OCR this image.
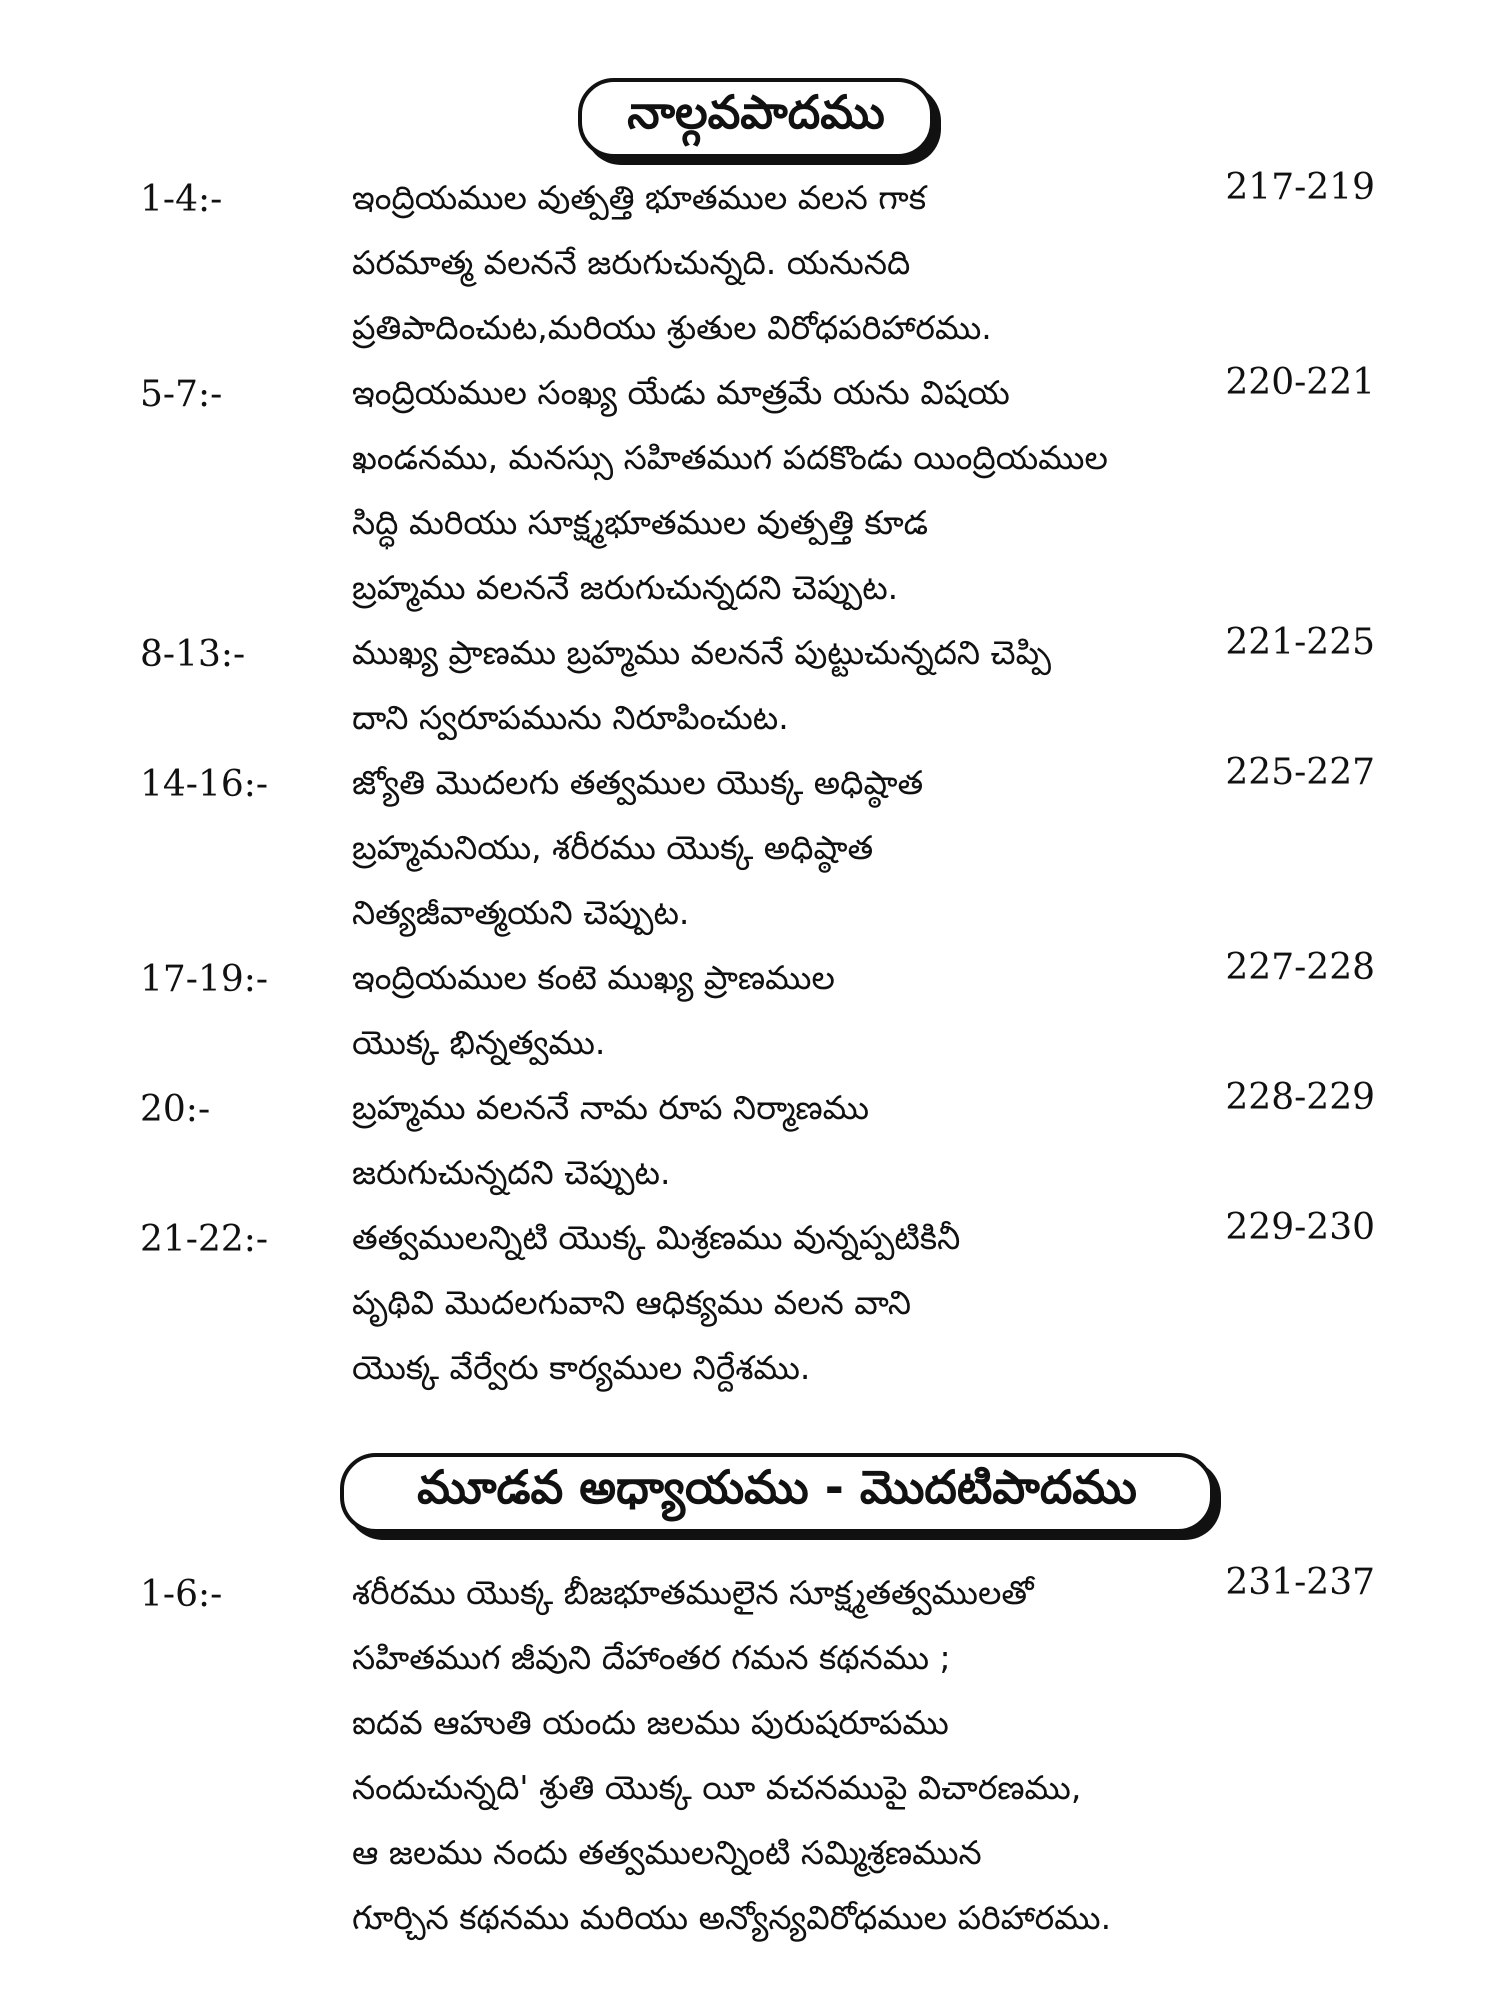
నాల్గవపాదము
1-4:-	ఇంద్రియముల వుత్పత్తి భూతముల వలన గాక
పరమాత్మ వలననే జరుగుచున్నది. యనునది
ప్రతిపాదించుట,మరియు శ్రుతుల విరోధపరిహారము.
217-219
5-7:-	ఇంద్రియముల సంఖ్య యేడు మాత్రమే యను విషయ
ఖండనము, మనస్సు సహితముగ పదకొండు యింద్రియముల
సిద్ధి మరియు సూక్ష్మభూతముల వుత్పత్తి కూడ
బ్రహ్మము వలననే జరుగుచున్నదని చెప్పుట.
220-221
8-13:-	ముఖ్య ప్రాణము బ్రహ్మము వలననే పుట్టుచున్నదని చెప్పి
దాని స్వరూపమును నిరూపించుట.
221-225
14-16:-	జ్యోతి మొదలగు తత్వముల యొక్క అధిష్ఠాత
బ్రహ్మమనియు, శరీరము యొక్క అధిష్ఠాత
నిత్యజీవాత్మయని చెప్పుట.
225-227
17-19:-	ఇంద్రియముల కంటె ముఖ్య ప్రాణముల
యొక్క భిన్నత్వము.
227-228
20:-	బ్రహ్మము వలననే నామ రూప నిర్మాణము
జరుగుచున్నదని చెప్పుట.
228-229
21-22:-	తత్వములన్నిటి యొక్క మిశ్రణము వున్నప్పటికినీ
పృథివి మొదలగువాని ఆధిక్యము వలన వాని
యొక్క వేర్వేరు కార్యముల నిర్దేశము.
229-230
మూడవ అధ్యాయము - మొదటిపాదము
1-6:-	శరీరము యొక్క బీజభూతములైన సూక్ష్మతత్వములతో
సహితముగ జీవుని దేహాంతర గమన కథనము ;
ఐదవ ఆహుతి యందు జలము పురుషరూపము
నందుచున్నది' శ్రుతి యొక్క యీ వచనముపై విచారణము,
ఆ జలము నందు తత్వములన్నింటి సమ్మిశ్రణమున
గూర్చిన కథనము మరియు అన్యోన్యవిరోధముల పరిహారము.
231-237
